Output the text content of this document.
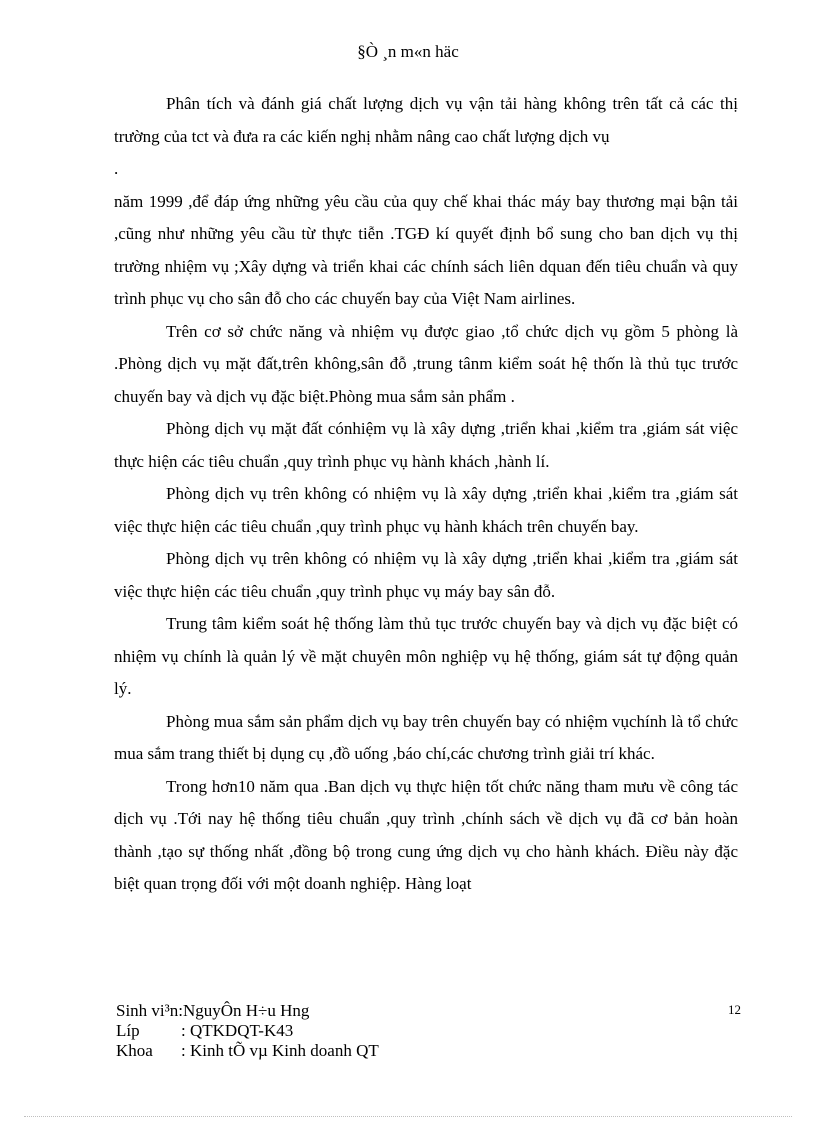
§Ò ¸n m«n häc

Phân tích và đánh giá chất lượng dịch vụ vận tải hàng không trên tất cả các thị trường của tct và đưa ra các kiến nghị nhằm nâng cao chất lượng dịch vụ

.

năm 1999 ,để đáp ứng những yêu cầu của quy chế khai thác máy bay thương mại bận tải ,cũng như những yêu cầu từ thực tiễn .TGĐ kí quyết định bổ sung cho ban dịch vụ thị trường nhiệm vụ ;Xây dựng và triển khai các chính sách liên dquan đến tiêu chuẩn và quy trình phục vụ cho sân đỗ cho các chuyến bay của Việt Nam airlines.

Trên cơ sở chức năng và nhiệm vụ được giao ,tổ chức dịch vụ gồm 5 phòng là .Phòng dịch vụ mặt đất,trên không,sân đỗ ,trung tânm kiểm soát hệ thốn là thủ tục trước chuyến bay và dịch vụ đặc biệt.Phòng mua sắm sản phẩm .

Phòng dịch vụ mặt đất cónhiệm vụ là xây dựng ,triển khai ,kiểm tra ,giám sát việc thực hiện các tiêu chuẩn ,quy trình phục vụ hành khách ,hành lí.

Phòng dịch vụ trên không có nhiệm vụ là xây dựng ,triển khai ,kiểm tra ,giám sát việc thực hiện các tiêu chuẩn ,quy trình phục vụ hành khách trên chuyến bay.

Phòng dịch vụ trên không có nhiệm vụ là xây dựng ,triển khai ,kiểm tra ,giám sát việc thực hiện các tiêu chuẩn ,quy trình phục vụ máy bay sân đỗ.

Trung tâm kiểm soát hệ thống làm thủ tục trước chuyến bay và dịch vụ đặc biệt có nhiệm vụ chính là quản lý về mặt chuyên môn nghiệp vụ hệ thống, giám sát tự động quản lý.

Phòng mua sắm sản phẩm dịch vụ bay trên chuyến bay có nhiệm vụchính là tổ chức mua sắm trang thiết bị dụng cụ ,đồ uống ,báo chí,các chương trình giải trí khác.

Trong hơn10 năm qua .Ban dịch vụ thực hiện tốt chức năng tham mưu về công tác dịch vụ .Tới nay hệ thống tiêu chuẩn ,quy trình ,chính sách về dịch vụ đã cơ bản hoàn thành ,tạo sự thống nhất ,đồng bộ trong cung ứng dịch vụ cho hành khách. Điều này đặc biệt quan trọng đối với một doanh nghiệp. Hàng loạt

Sinh vi³n:NguyÔn H÷u Hng
Líp	: QTKDQT-K43
Khoa	: Kinh tÕ vµ Kinh doanh QT
12
